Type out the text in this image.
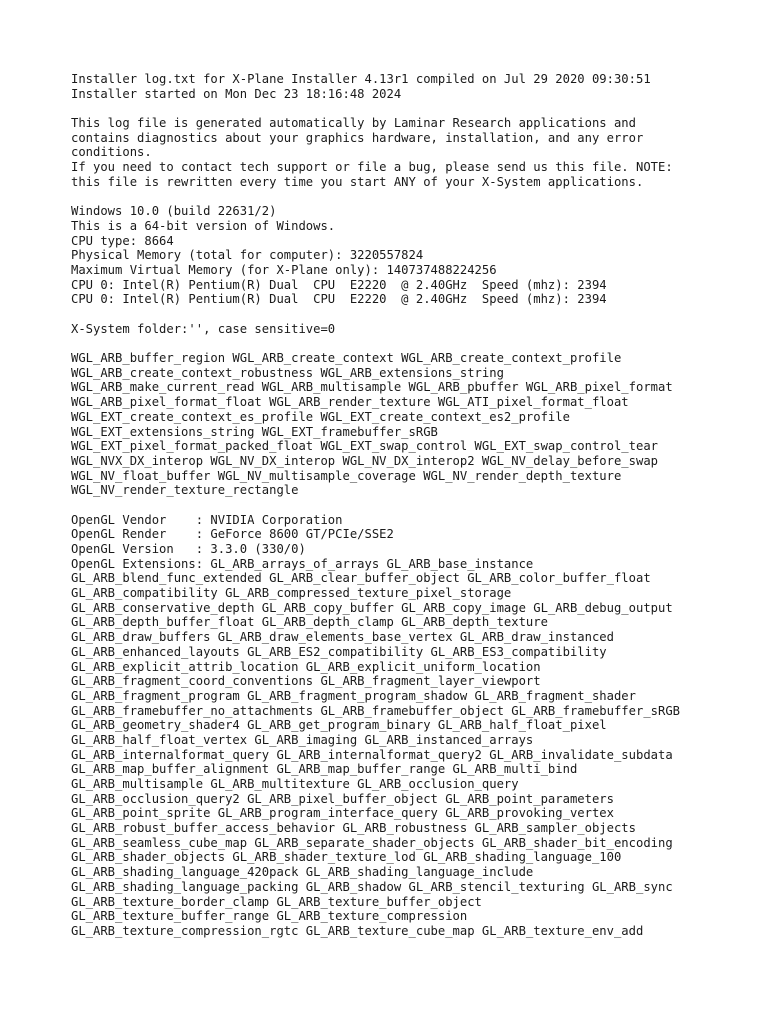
Installer log.txt for X-Plane Installer 4.13r1 compiled on Jul 29 2020 09:30:51
Installer started on Mon Dec 23 18:16:48 2024
This log file is generated automatically by Laminar Research applications and
contains diagnostics about your graphics hardware, installation, and any error
conditions.
If you need to contact tech support or file a bug, please send us this file. NOTE:
this file is rewritten every time you start ANY of your X-System applications.
Windows 10.0 (build 22631/2)
This is a 64-bit version of Windows.
CPU type: 8664
Physical Memory (total for computer): 3220557824
Maximum Virtual Memory (for X-Plane only): 140737488224256
CPU 0: Intel(R) Pentium(R) Dual  CPU  E2220  @ 2.40GHz  Speed (mhz): 2394
CPU 0: Intel(R) Pentium(R) Dual  CPU  E2220  @ 2.40GHz  Speed (mhz): 2394
X-System folder:'', case sensitive=0
WGL_ARB_buffer_region WGL_ARB_create_context WGL_ARB_create_context_profile
WGL_ARB_create_context_robustness WGL_ARB_extensions_string
WGL_ARB_make_current_read WGL_ARB_multisample WGL_ARB_pbuffer WGL_ARB_pixel_format
WGL_ARB_pixel_format_float WGL_ARB_render_texture WGL_ATI_pixel_format_float
WGL_EXT_create_context_es_profile WGL_EXT_create_context_es2_profile
WGL_EXT_extensions_string WGL_EXT_framebuffer_sRGB
WGL_EXT_pixel_format_packed_float WGL_EXT_swap_control WGL_EXT_swap_control_tear
WGL_NVX_DX_interop WGL_NV_DX_interop WGL_NV_DX_interop2 WGL_NV_delay_before_swap
WGL_NV_float_buffer WGL_NV_multisample_coverage WGL_NV_render_depth_texture
WGL_NV_render_texture_rectangle
OpenGL Vendor    : NVIDIA Corporation
OpenGL Render    : GeForce 8600 GT/PCIe/SSE2
OpenGL Version   : 3.3.0 (330/0)
OpenGL Extensions: GL_ARB_arrays_of_arrays GL_ARB_base_instance
GL_ARB_blend_func_extended GL_ARB_clear_buffer_object GL_ARB_color_buffer_float
GL_ARB_compatibility GL_ARB_compressed_texture_pixel_storage
GL_ARB_conservative_depth GL_ARB_copy_buffer GL_ARB_copy_image GL_ARB_debug_output
GL_ARB_depth_buffer_float GL_ARB_depth_clamp GL_ARB_depth_texture
GL_ARB_draw_buffers GL_ARB_draw_elements_base_vertex GL_ARB_draw_instanced
GL_ARB_enhanced_layouts GL_ARB_ES2_compatibility GL_ARB_ES3_compatibility
GL_ARB_explicit_attrib_location GL_ARB_explicit_uniform_location
GL_ARB_fragment_coord_conventions GL_ARB_fragment_layer_viewport
GL_ARB_fragment_program GL_ARB_fragment_program_shadow GL_ARB_fragment_shader
GL_ARB_framebuffer_no_attachments GL_ARB_framebuffer_object GL_ARB_framebuffer_sRGB
GL_ARB_geometry_shader4 GL_ARB_get_program_binary GL_ARB_half_float_pixel
GL_ARB_half_float_vertex GL_ARB_imaging GL_ARB_instanced_arrays
GL_ARB_internalformat_query GL_ARB_internalformat_query2 GL_ARB_invalidate_subdata
GL_ARB_map_buffer_alignment GL_ARB_map_buffer_range GL_ARB_multi_bind
GL_ARB_multisample GL_ARB_multitexture GL_ARB_occlusion_query
GL_ARB_occlusion_query2 GL_ARB_pixel_buffer_object GL_ARB_point_parameters
GL_ARB_point_sprite GL_ARB_program_interface_query GL_ARB_provoking_vertex
GL_ARB_robust_buffer_access_behavior GL_ARB_robustness GL_ARB_sampler_objects
GL_ARB_seamless_cube_map GL_ARB_separate_shader_objects GL_ARB_shader_bit_encoding
GL_ARB_shader_objects GL_ARB_shader_texture_lod GL_ARB_shading_language_100
GL_ARB_shading_language_420pack GL_ARB_shading_language_include
GL_ARB_shading_language_packing GL_ARB_shadow GL_ARB_stencil_texturing GL_ARB_sync
GL_ARB_texture_border_clamp GL_ARB_texture_buffer_object
GL_ARB_texture_buffer_range GL_ARB_texture_compression
GL_ARB_texture_compression_rgtc GL_ARB_texture_cube_map GL_ARB_texture_env_add
